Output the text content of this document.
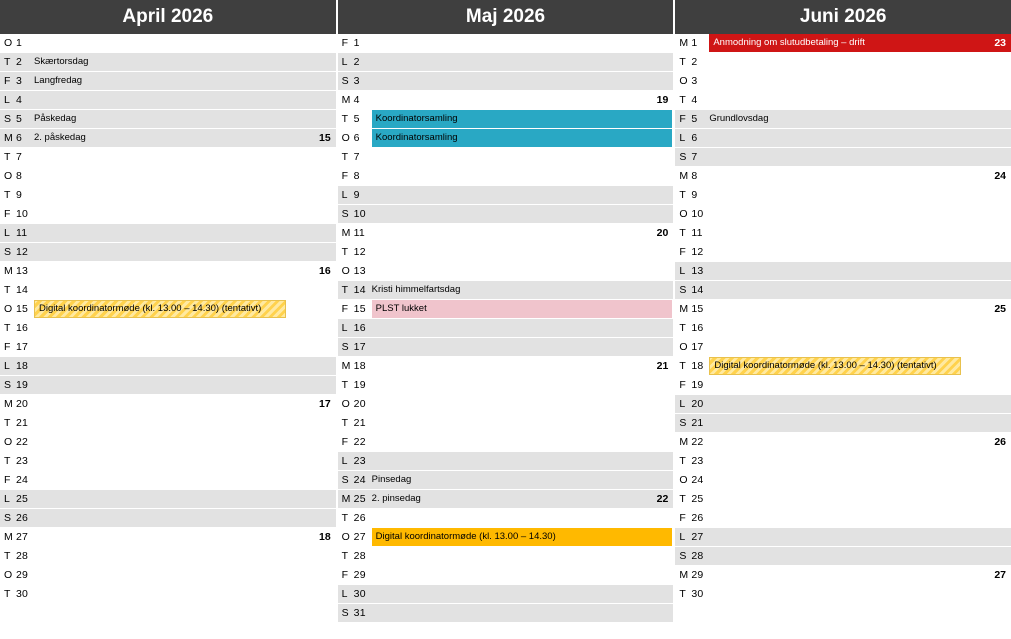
April 2026	Maj 2026	Juni 2026
O 1
T 2 Skærtorsdag
F 3 Langfredag
L 4
S 5 Påskedag
M 6 2. påskedag	15
T 7
O 8
T 9
F 10
L 11
S 12
M 13	16
T 14
O 15	Digital koordinatormøde (kl. 13.00 – 14.30) (tentativt)
T 16
F 17
L 18
S 19
M 20	17
T 21
O 22
T 23
F 24
L 25
S 26
M 27	18
T 28
O 29
T 30
F 1
L 2
S 3
M 4	19
T 5	Koordinatorsamling
O 6	Koordinatorsamling
T 7
F 8
L 9
S 10
M 11	20
T 12
O 13
T 14 Kristi himmelfartsdag
F 15	PLST lukket
L 16
S 17
M 18	21
T 19
O 20
T 21
F 22
L 23
S 24 Pinsedag
M 25 2. pinsedag	22
T 26
O 27	Digital koordinatormøde (kl. 13.00 – 14.30)
T 28
F 29
L 30
S 31
M 1	Anmodning om slutudbetaling – drift	23
T 2
O 3
T 4
F 5 Grundlovsdag
L 6
S 7
M 8	24
T 9
O 10
T 11
F 12
L 13
S 14
M 15	25
T 16
O 17
T 18	Digital koordinatormøde (kl. 13.00 – 14.30) (tentativt)
F 19
L 20
S 21
M 22	26
T 23
O 24
T 25
F 26
L 27
S 28
M 29	27
T 30
